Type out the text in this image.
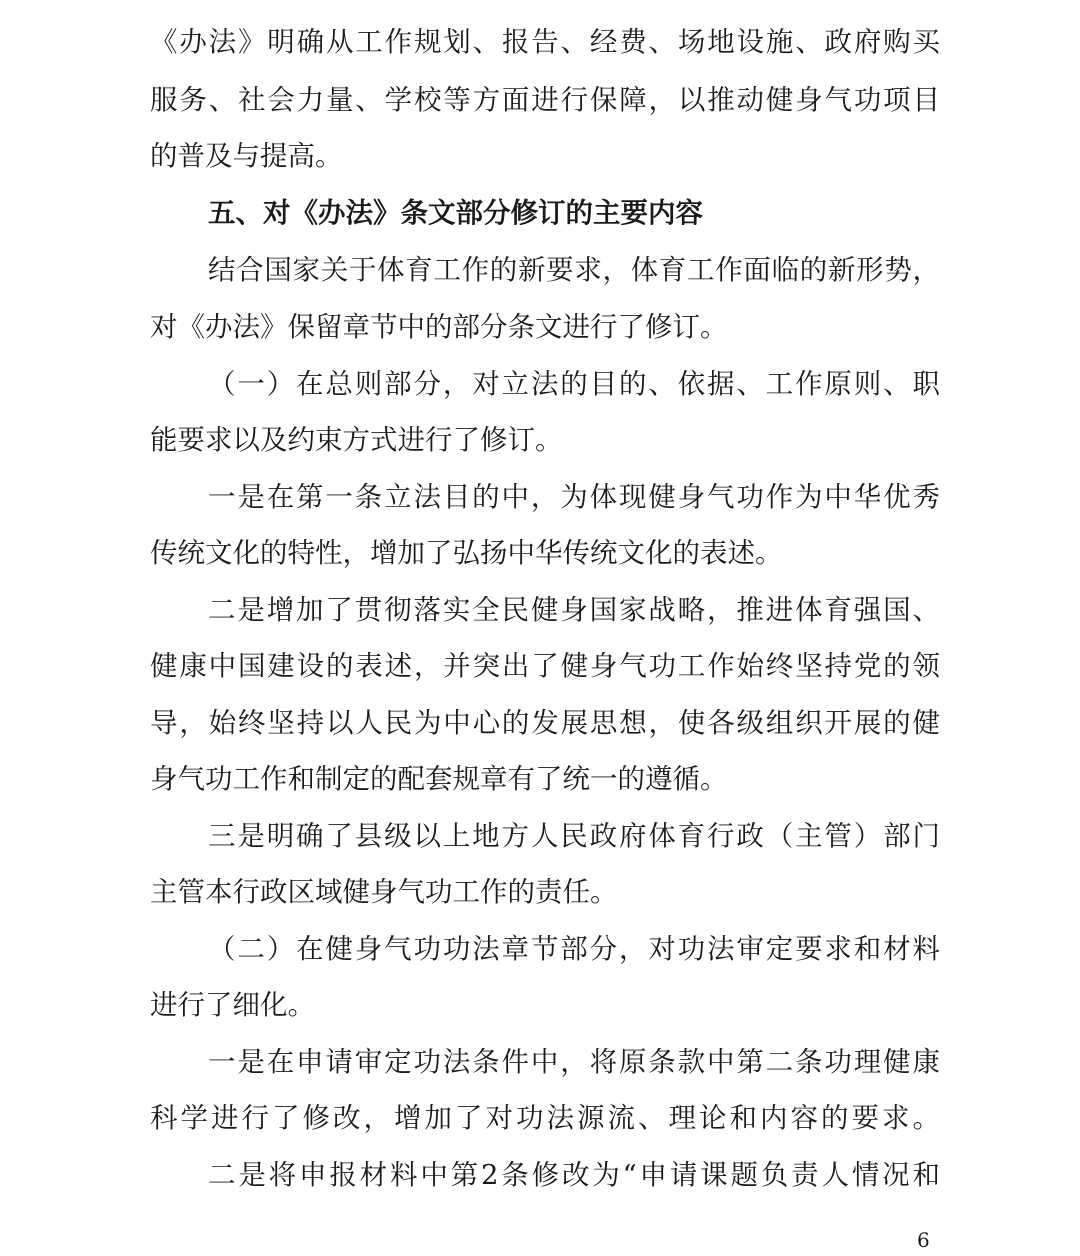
《办法》明确从工作规划、报告、经费、场地设施、政府购买
服务、社会力量、学校等方面进行保障，以推动健身气功项目
的普及与提高。
五、对《办法》条文部分修订的主要内容
结合国家关于体育工作的新要求，体育工作面临的新形势，
对《办法》保留章节中的部分条文进行了修订。
（一）在总则部分，对立法的目的、依据、工作原则、职
能要求以及约束方式进行了修订。
一是在第一条立法目的中，为体现健身气功作为中华优秀
传统文化的特性，增加了弘扬中华传统文化的表述。
二是增加了贯彻落实全民健身国家战略，推进体育强国、
健康中国建设的表述，并突出了健身气功工作始终坚持党的领
导，始终坚持以人民为中心的发展思想，使各级组织开展的健
身气功工作和制定的配套规章有了统一的遵循。
三是明确了县级以上地方人民政府体育行政（主管）部门
主管本行政区域健身气功工作的责任。
（二）在健身气功功法章节部分，对功法审定要求和材料
进行了细化。
一是在申请审定功法条件中，将原条款中第二条功理健康
科学进行了修改，增加了对功法源流、理论和内容的要求。
二是将申报材料中第2条修改为“申请课题负责人情况和
6
